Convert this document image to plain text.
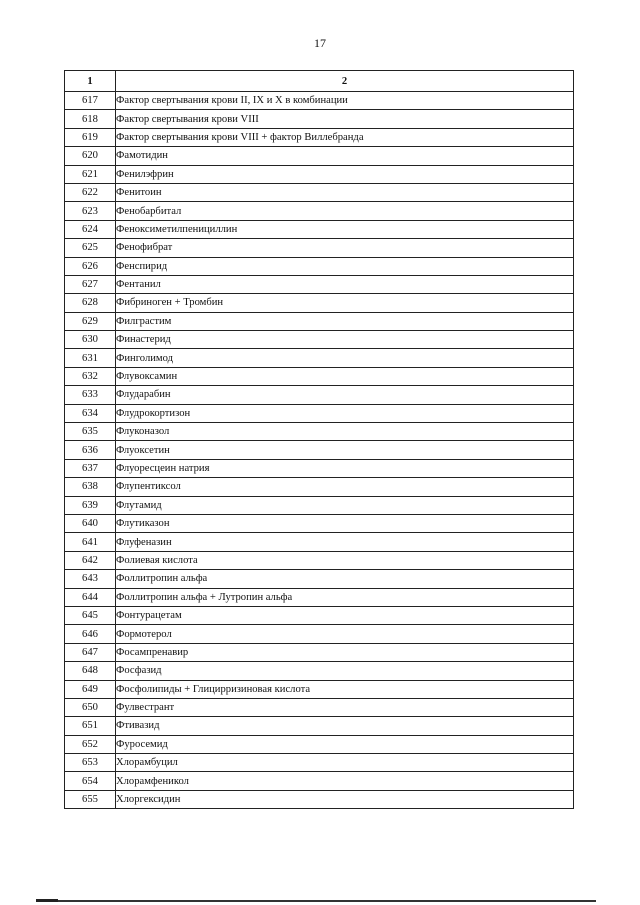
17
1	2
617	Фактор свертывания крови II, IX и X в комбинации
618	Фактор свертывания крови VIII
619	Фактор свертывания крови VIII + фактор Виллебранда
620	Фамотидин
621	Фенилэфрин
622	Фенитоин
623	Фенобарбитал
624	Феноксиметилпенициллин
625	Фенофибрат
626	Фенспирид
627	Фентанил
628	Фибриноген + Тромбин
629	Филграстим
630	Финастерид
631	Финголимод
632	Флувоксамин
633	Флударабин
634	Флудрокортизон
635	Флуконазол
636	Флуоксетин
637	Флуоресцеин натрия
638	Флупентиксол
639	Флутамид
640	Флутиказон
641	Флуфеназин
642	Фолиевая кислота
643	Фоллитропин альфа
644	Фоллитропин альфа + Лутропин альфа
645	Фонтурацетам
646	Формотерол
647	Фосампренавир
648	Фосфазид
649	Фосфолипиды + Глицирризиновая кислота
650	Фулвестрант
651	Фтивазид
652	Фуросемид
653	Хлорамбуцил
654	Хлорамфеникол
655	Хлоргексидин
